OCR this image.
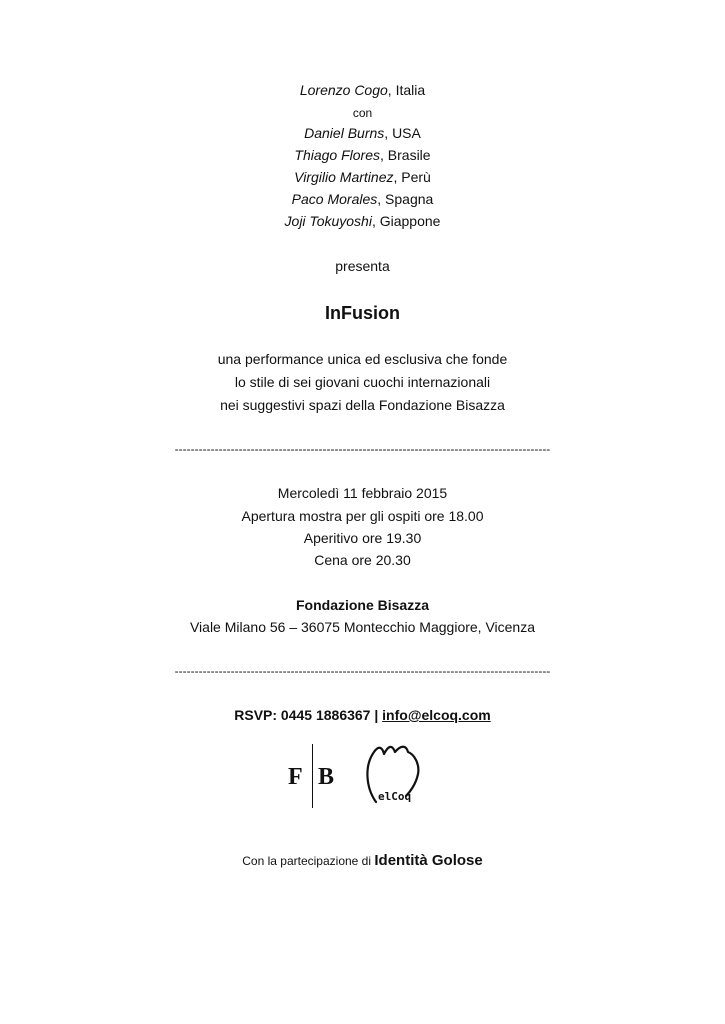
Lorenzo Cogo, Italia
con
Daniel Burns, USA
Thiago Flores, Brasile
Virgilio Martinez, Perù
Paco Morales, Spagna
Joji Tokuyoshi, Giappone
presenta
InFusion
una performance unica ed esclusiva che fonde
lo stile di sei giovani cuochi internazionali
nei suggestivi spazi della Fondazione Bisazza
----------------------------------------------------------------------------------------------
Mercoledì 11 febbraio 2015
Apertura mostra per gli ospiti ore 18.00
Aperitivo ore 19.30
Cena ore 20.30
Fondazione Bisazza
Viale Milano 56 – 36075 Montecchio Maggiore, Vicenza
----------------------------------------------------------------------------------------------
RSVP: 0445 1886367 | info@elcoq.com
F B
elCoq
Con la partecipazione di Identità Golose
